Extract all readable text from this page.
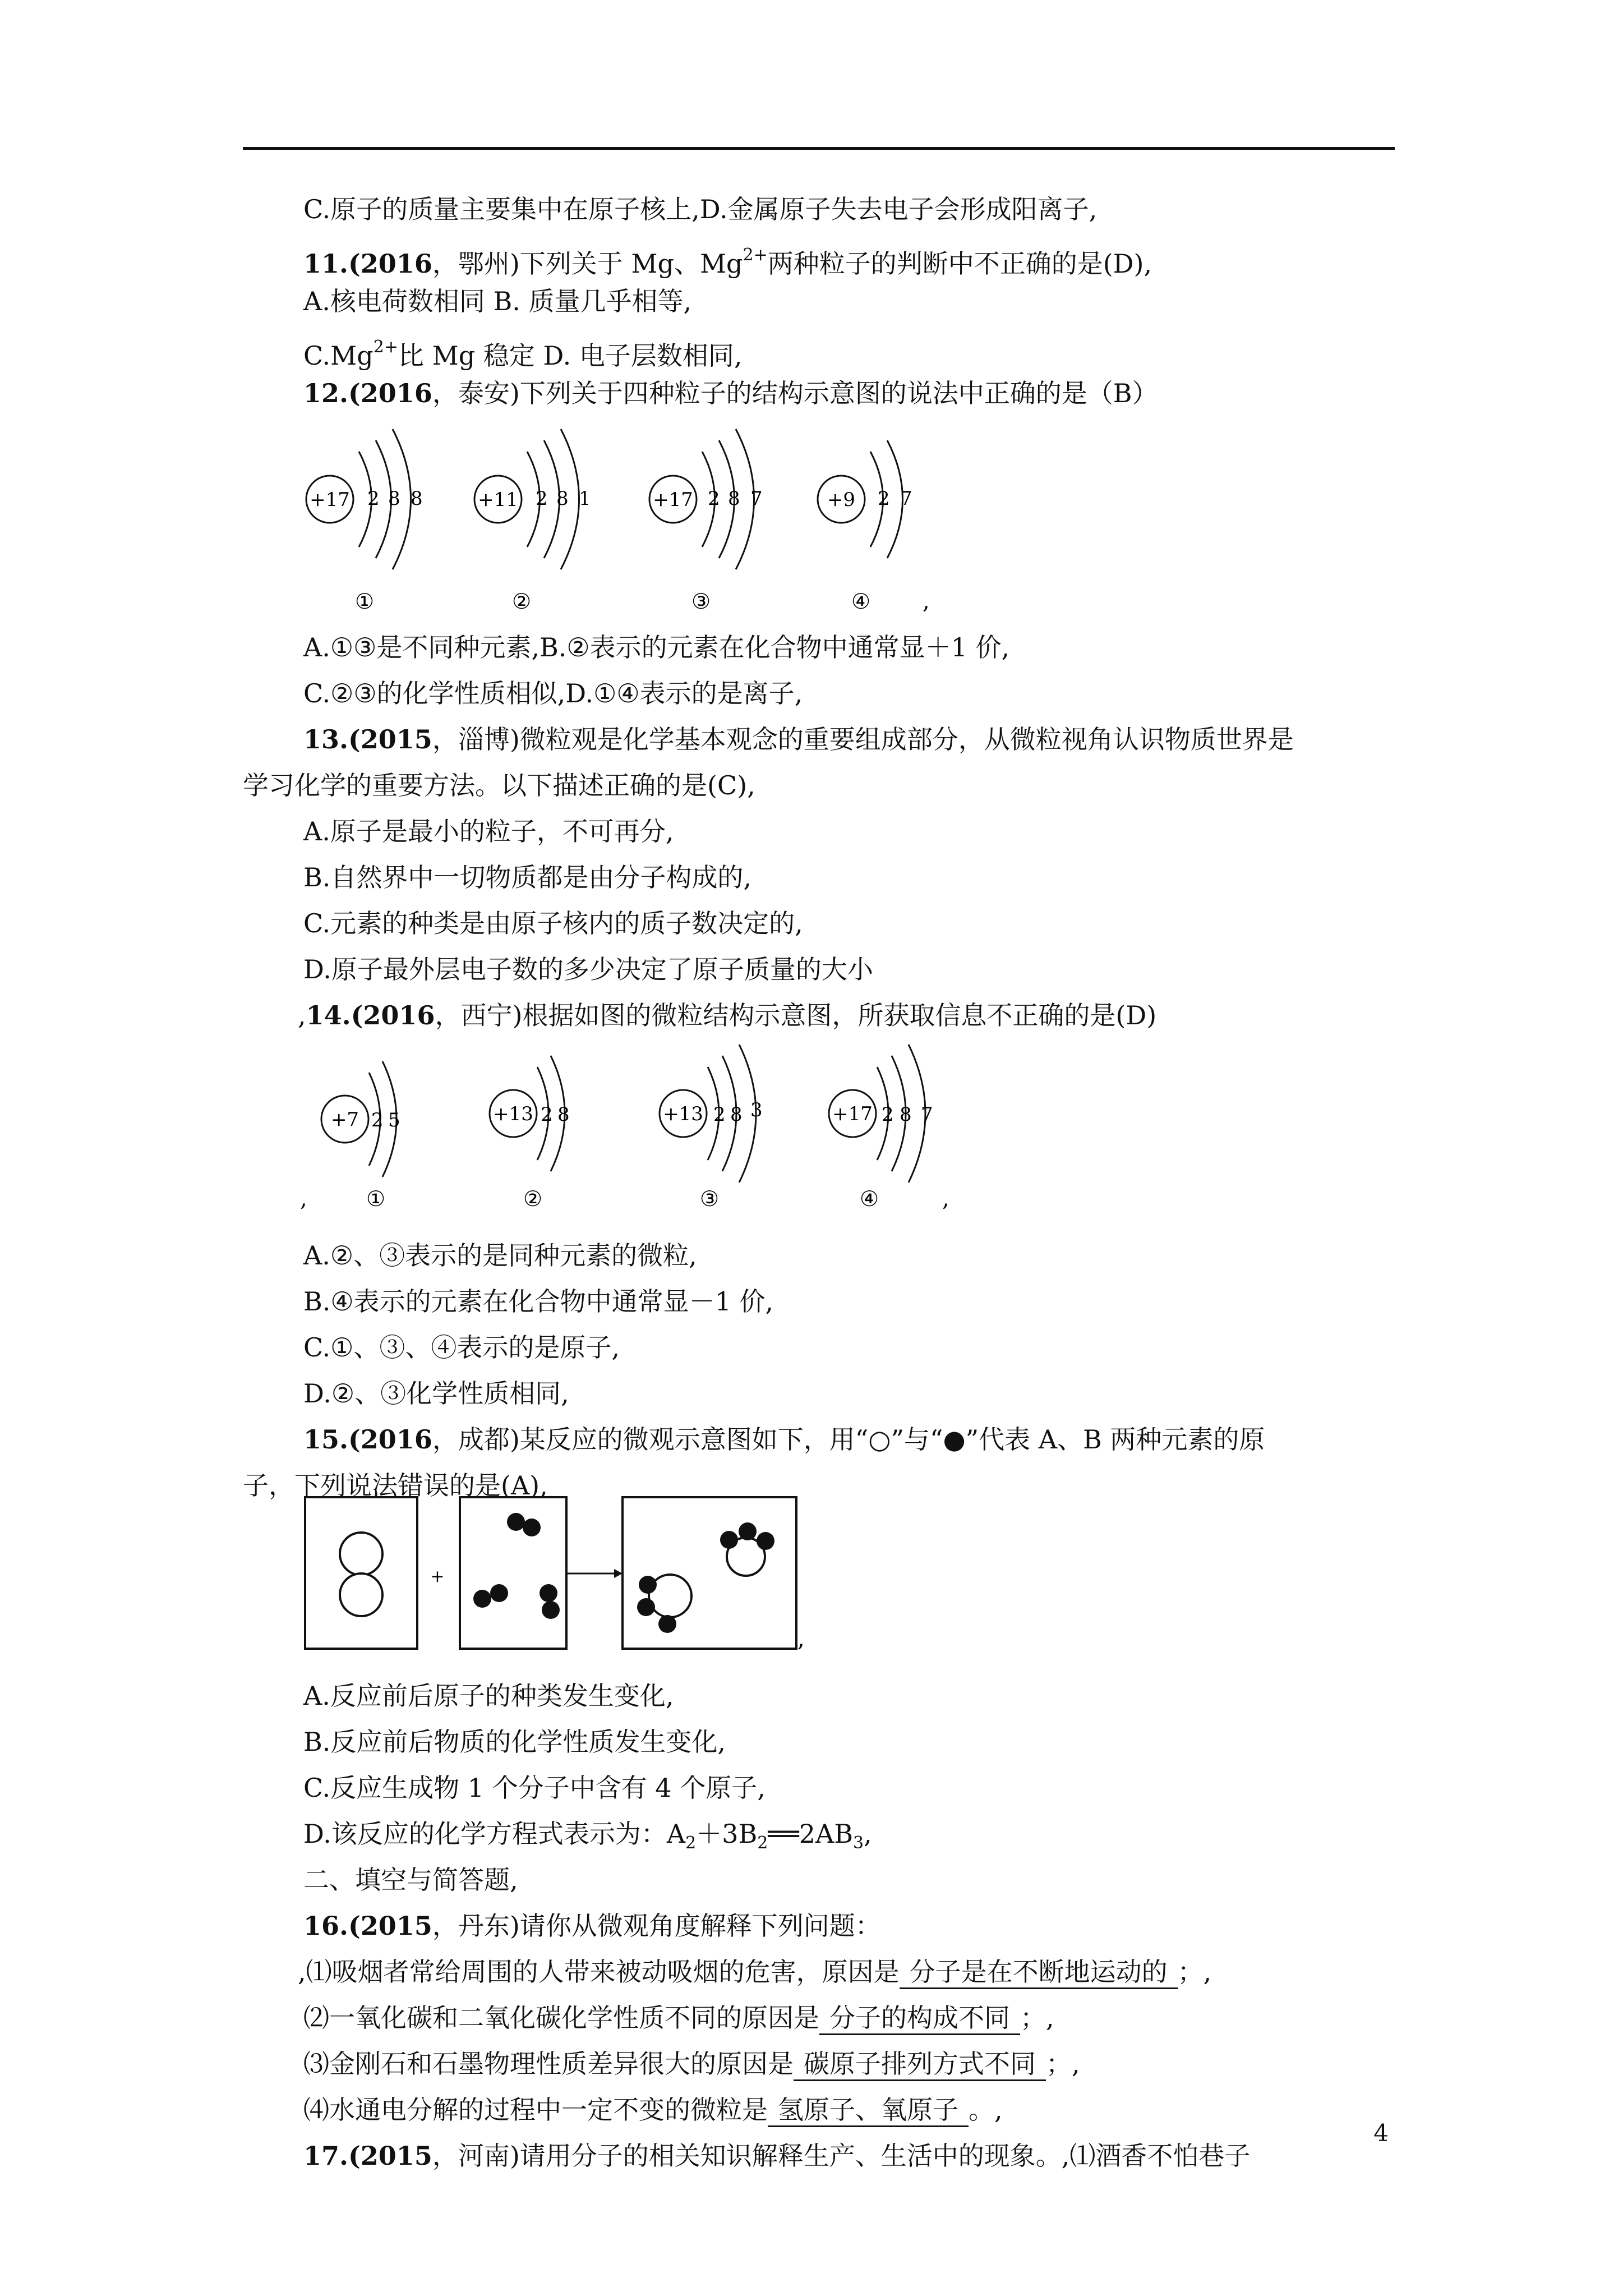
C.原子的质量主要集中在原子核上,D.金属原子失去电子会形成阳离子,
11.(2016，鄂州)下列关于 Mg、$Mg^{2+}$两种粒子的判断中不正确的是(D),
A.核电荷数相同 B. 质量几乎相等,
$C.Mg^{2+}$比 Mg 稳定 D. 电子层数相同,
12.(2016，泰安)下列关于四种粒子的结构示意图的说法中正确的是（B）
+17 2 8 8
①
+11 2 8 1
②
+17 2 8 7
③
+9 2 7
④ ,
A.①③是不同种元素,B.②表示的元素在化合物中通常显＋1 价,
C.②③的化学性质相似,D.①④表示的是离子,
13.(2015，淄博)微粒观是化学基本观念的重要组成部分，从微粒视角认识物质世界是
学习化学的重要方法。以下描述正确的是(C),
A.原子是最小的粒子，不可再分,
B.自然界中一切物质都是由分子构成的,
C.元素的种类是由原子核内的质子数决定的,
D.原子最外层电子数的多少决定了原子质量的大小
,14.(2016，西宁)根据如图的微粒结构示意图，所获取信息不正确的是(D)
,
+7 2 5
①
+13 2 8
②
+13 2 8 3
③
+17 2 8 7
④	,
A.②、③表示的是同种元素的微粒,
B.④表示的元素在化合物中通常显－1 价,
C.①、③、④表示的是原子,
D.②、③化学性质相同,
15.(2016，成都)某反应的微观示意图如下，用“○”与“●”代表 A、B 两种元素的原
子，下列说法错误的是(A),
+
,
A.反应前后原子的种类发生变化,
B.反应前后物质的化学性质发生变化,
C.反应生成物 1 个分子中含有 4 个原子,
D.该反应的化学方程式表示为：$A_2+3B_2══2AB_3$,
二、填空与简答题,
16.(2015，丹东)请你从微观角度解释下列问题：
,⑴吸烟者常给周围的人带来被动吸烟的危害，原因是 分子是在不断地运动的 ；,
⑵一氧化碳和二氧化碳化学性质不同的原因是 分子的构成不同 ；,
⑶金刚石和石墨物理性质差异很大的原因是 碳原子排列方式不同 ；,
⑷水通电分解的过程中一定不变的微粒是 氢原子、氧原子 。,
17.(2015，河南)请用分子的相关知识解释生产、生活中的现象。,⑴酒香不怕巷子
4
